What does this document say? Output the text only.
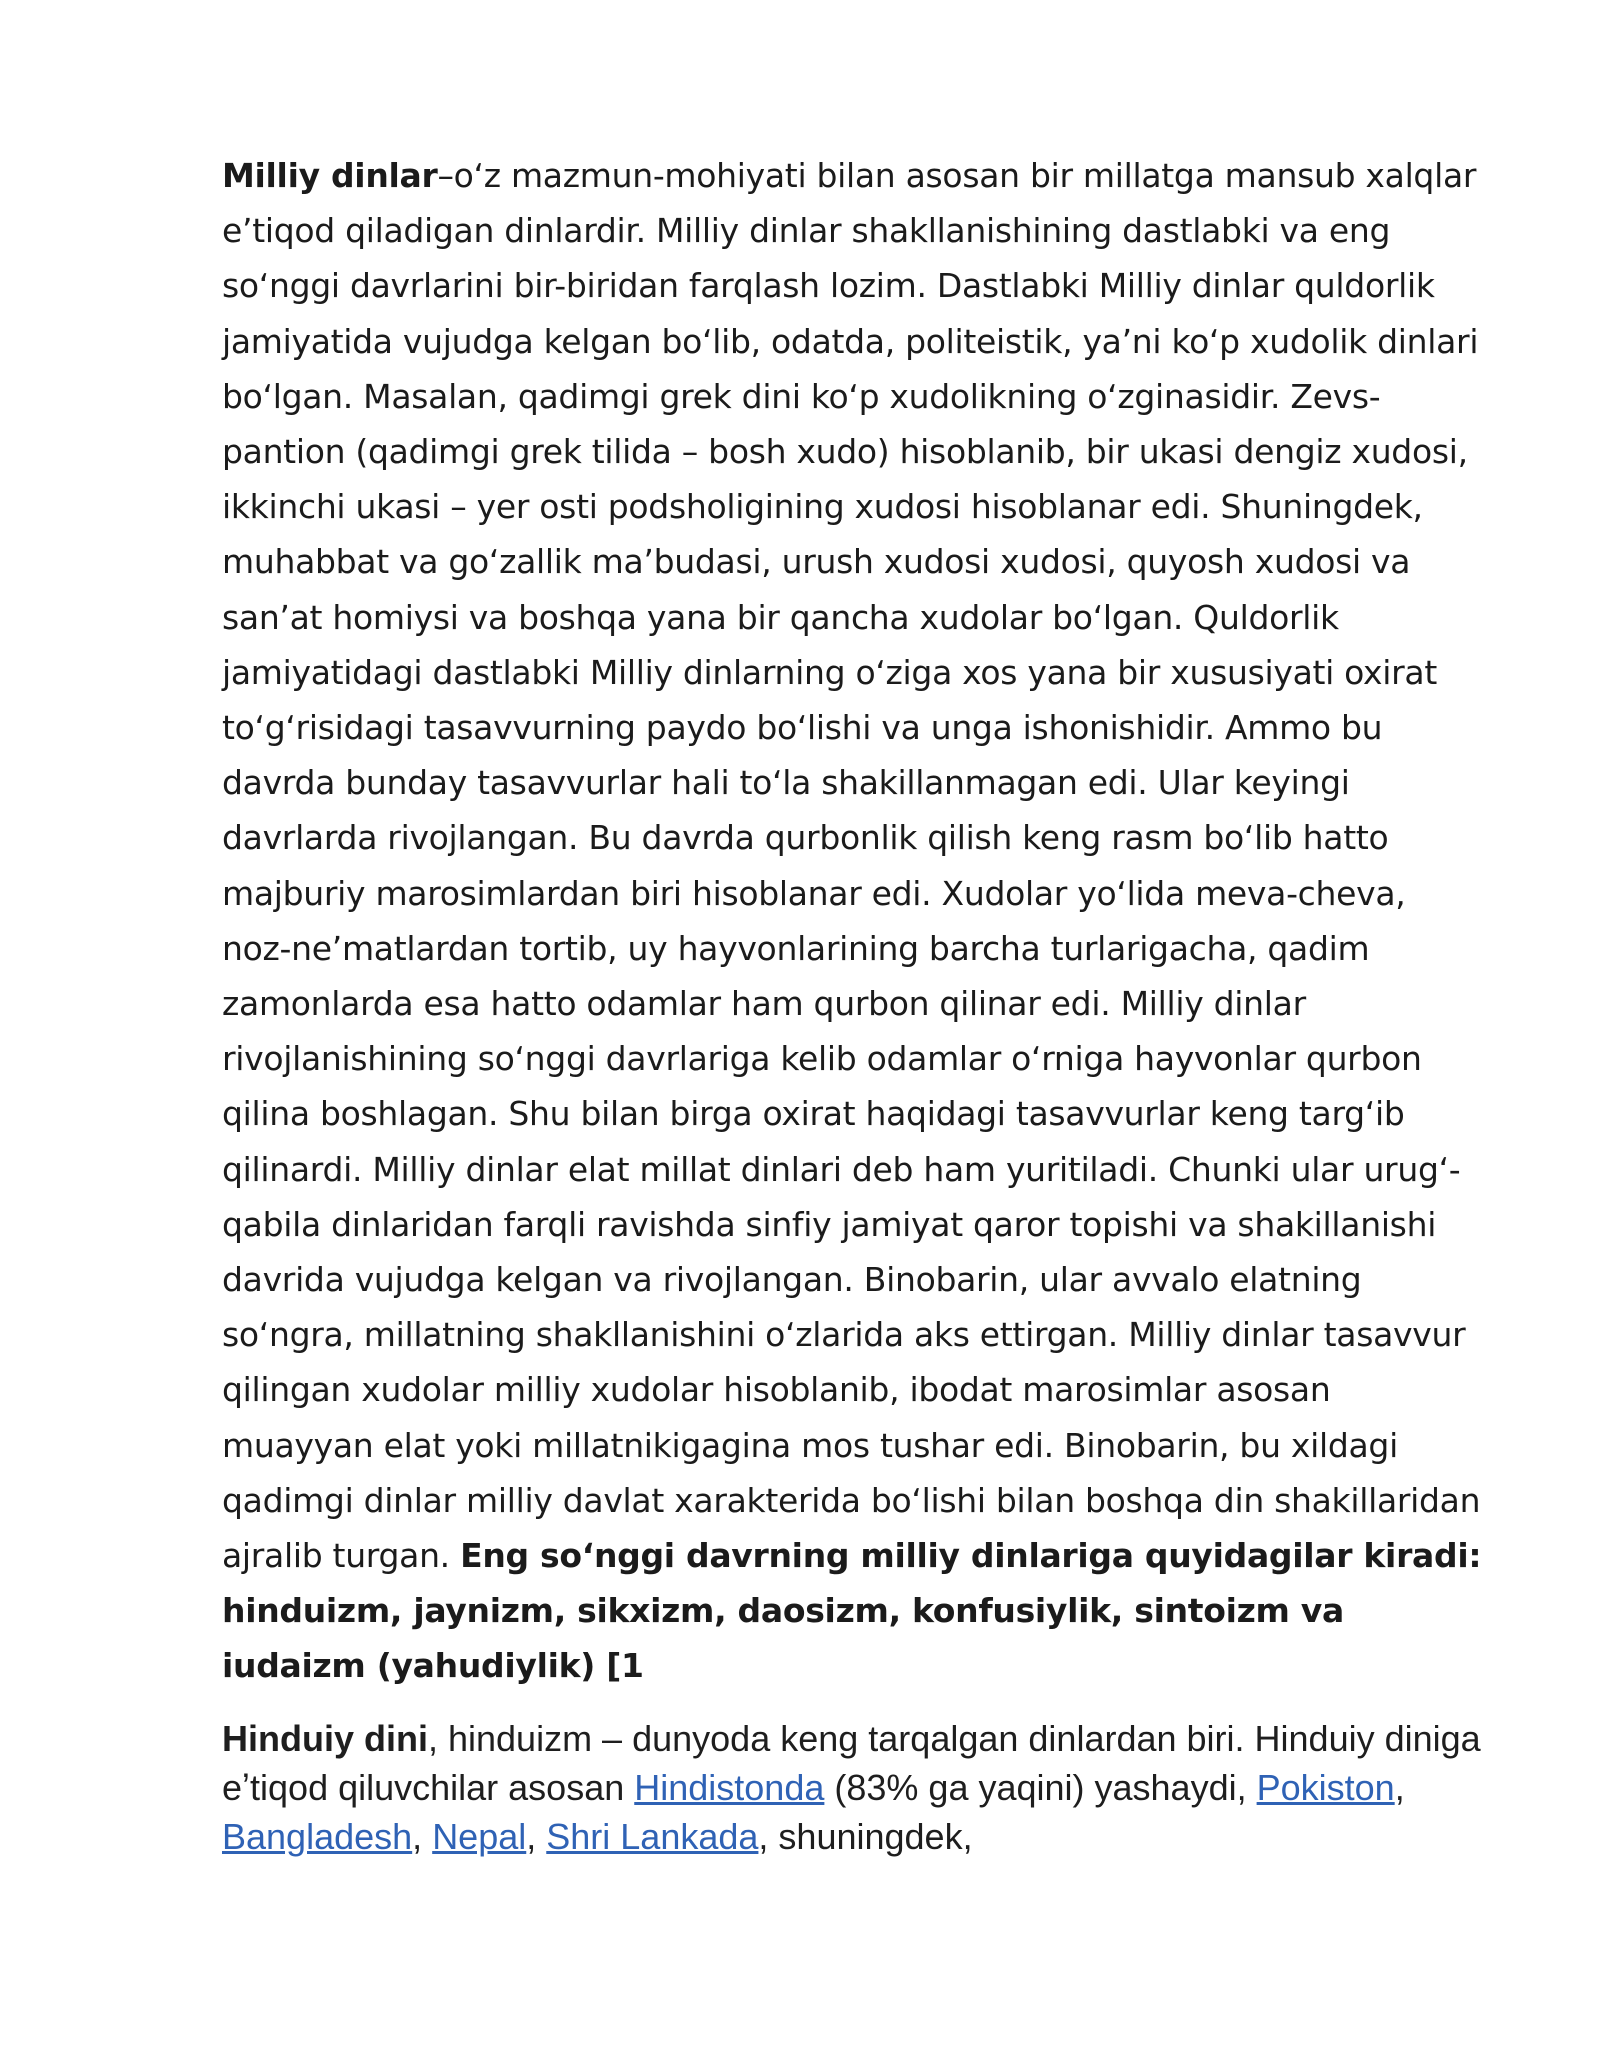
Milliy dinlar–oʻz mazmun-mohiyati bilan asosan bir millatga mansub xalqlar eʼtiqod qiladigan dinlardir. Milliy dinlar shakllanishining dastlabki va eng soʻnggi davrlarini bir-biridan farqlash lozim. Dastlabki Milliy dinlar quldorlik jamiyatida vujudga kelgan boʻlib, odatda, politeistik, yaʼni koʻp xudolik dinlari boʻlgan. Masalan, qadimgi grek dini koʻp xudolikning oʻzginasidir. Zevs-pantion (qadimgi grek tilida – bosh xudo) hisoblanib, bir ukasi dengiz xudosi, ikkinchi ukasi – yer osti podsholigining xudosi hisoblanar edi. Shuningdek, muhabbat va goʻzallik maʼbudasi, urush xudosi xudosi, quyosh xudosi va sanʼat homiysi va boshqa yana bir qancha xudolar boʻlgan. Quldorlik jamiyatidagi dastlabki Milliy dinlarning oʻziga xos yana bir xususiyati oxirat toʻgʻrisidagi tasavvurning paydo boʻlishi va unga ishonishidir. Ammo bu davrda bunday tasavvurlar hali toʻla shakillanmagan edi. Ular keyingi davrlarda rivojlangan. Bu davrda qurbonlik qilish keng rasm boʻlib hatto majburiy marosimlardan biri hisoblanar edi. Xudolar yoʻlida meva-cheva, noz-neʼmatlardan tortib, uy hayvonlarining barcha turlarigacha, qadim zamonlarda esa hatto odamlar ham qurbon qilinar edi. Milliy dinlar rivojlanishining soʻnggi davrlariga kelib odamlar oʻrniga hayvonlar qurbon qilina boshlagan. Shu bilan birga oxirat haqidagi tasavvurlar keng targʻib qilinardi. Milliy dinlar elat millat dinlari deb ham yuritiladi. Chunki ular urugʻ-qabila dinlaridan farqli ravishda sinfiy jamiyat qaror topishi va shakillanishi davrida vujudga kelgan va rivojlangan. Binobarin, ular avvalo elatning soʻngra, millatning shakllanishini oʻzlarida aks ettirgan. Milliy dinlar tasavvur qilingan xudolar milliy xudolar hisoblanib, ibodat marosimlar asosan muayyan elat yoki millatnikigagina mos tushar edi. Binobarin, bu xildagi qadimgi dinlar milliy davlat xarakterida boʻlishi bilan boshqa din shakillaridan ajralib turgan. Eng soʻnggi davrning milliy dinlariga quyidagilar kiradi: hinduizm, jaynizm, sikxizm, daosizm, konfusiylik, sintoizm va iudaizm (yahudiylik) [1

Hinduiy dini, hinduizm – dunyoda keng tarqalgan dinlardan biri. Hinduiy diniga eʼtiqod qiluvchilar asosan Hindistonda (83% ga yaqini) yashaydi, Pokiston, Bangladesh, Nepal, Shri Lankada, shuningdek,
